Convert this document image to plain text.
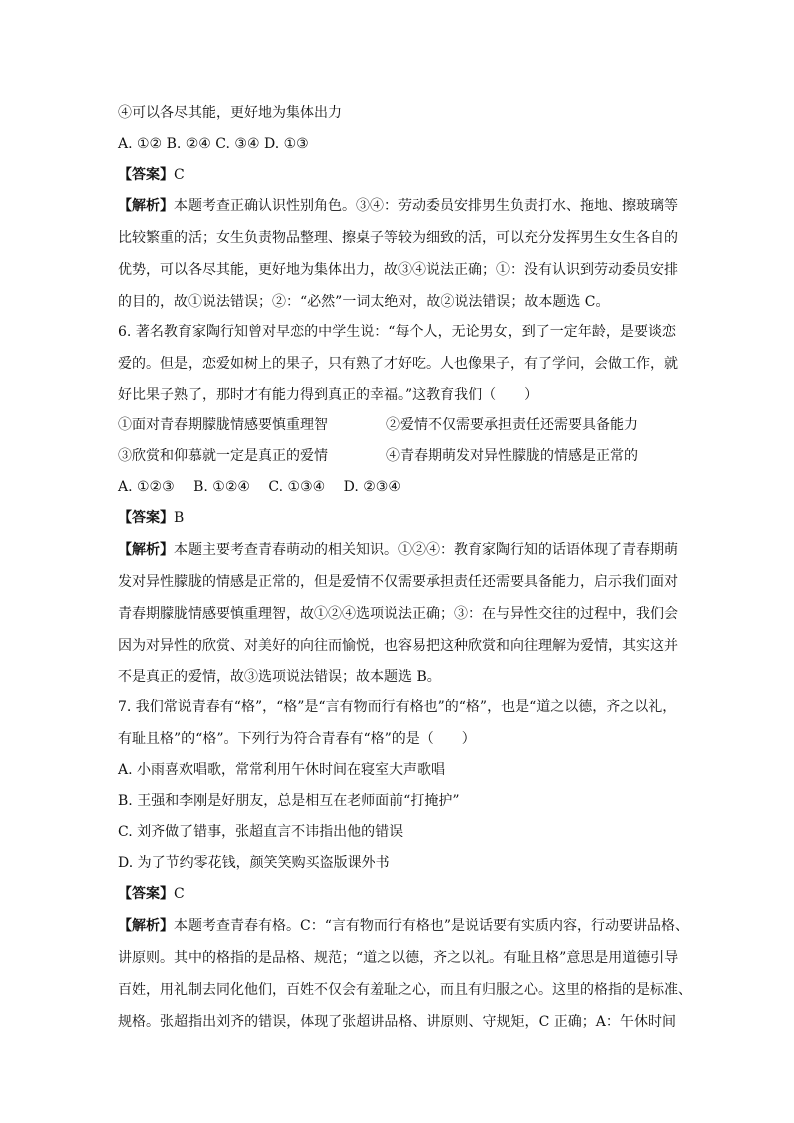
④可以各尽其能，更好地为集体出力
A. ①② B. ②④ C. ③④ D. ①③
【答案】C
【解析】本题考查正确认识性别角色。③④：劳动委员安排男生负责打水、拖地、擦玻璃等
比较繁重的活；女生负责物品整理、擦桌子等较为细致的活，可以充分发挥男生女生各自的
优势，可以各尽其能，更好地为集体出力，故③④说法正确；①：没有认识到劳动委员安排
的目的，故①说法错误；②：“必然”一词太绝对，故②说法错误；故本题选 C。
6. 著名教育家陶行知曾对早恋的中学生说：“每个人，无论男女，到了一定年龄，是要谈恋
爱的。但是，恋爱如树上的果子，只有熟了才好吃。人也像果子，有了学问，会做工作，就
好比果子熟了，那时才有能力得到真正的幸福。”这教育我们（　　）
①面对青春期朦胧情感要慎重理智	②爱情不仅需要承担责任还需要具备能力
③欣赏和仰慕就一定是真正的爱情	④青春期萌发对异性朦胧的情感是正常的
A. ①②③　 B. ①②④　 C. ①③④　 D. ②③④
【答案】B
【解析】本题主要考查青春萌动的相关知识。①②④：教育家陶行知的话语体现了青春期萌
发对异性朦胧的情感是正常的，但是爱情不仅需要承担责任还需要具备能力，启示我们面对
青春期朦胧情感要慎重理智，故①②④选项说法正确；③：在与异性交往的过程中，我们会
因为对异性的欣赏、对美好的向往而愉悦，也容易把这种欣赏和向往理解为爱情，其实这并
不是真正的爱情，故③选项说法错误；故本题选 B。
7. 我们常说青春有“格”，“格”是“言有物而行有格也”的“格”，也是“道之以德，齐之以礼，
有耻且格”的“格”。下列行为符合青春有“格”的是（　　）
A. 小雨喜欢唱歌，常常利用午休时间在寝室大声歌唱
B. 王强和李刚是好朋友，总是相互在老师面前“打掩护”
C. 刘齐做了错事，张超直言不讳指出他的错误
D. 为了节约零花钱，颜笑笑购买盗版课外书
【答案】C
【解析】本题考查青春有格。C：“言有物而行有格也”是说话要有实质内容，行动要讲品格、
讲原则。其中的格指的是品格、规范；“道之以德，齐之以礼。有耻且格”意思是用道德引导
百姓，用礼制去同化他们，百姓不仅会有羞耻之心，而且有归服之心。这里的格指的是标准、
规格。张超指出刘齐的错误，体现了张超讲品格、讲原则、守规矩，C 正确；A：午休时间
